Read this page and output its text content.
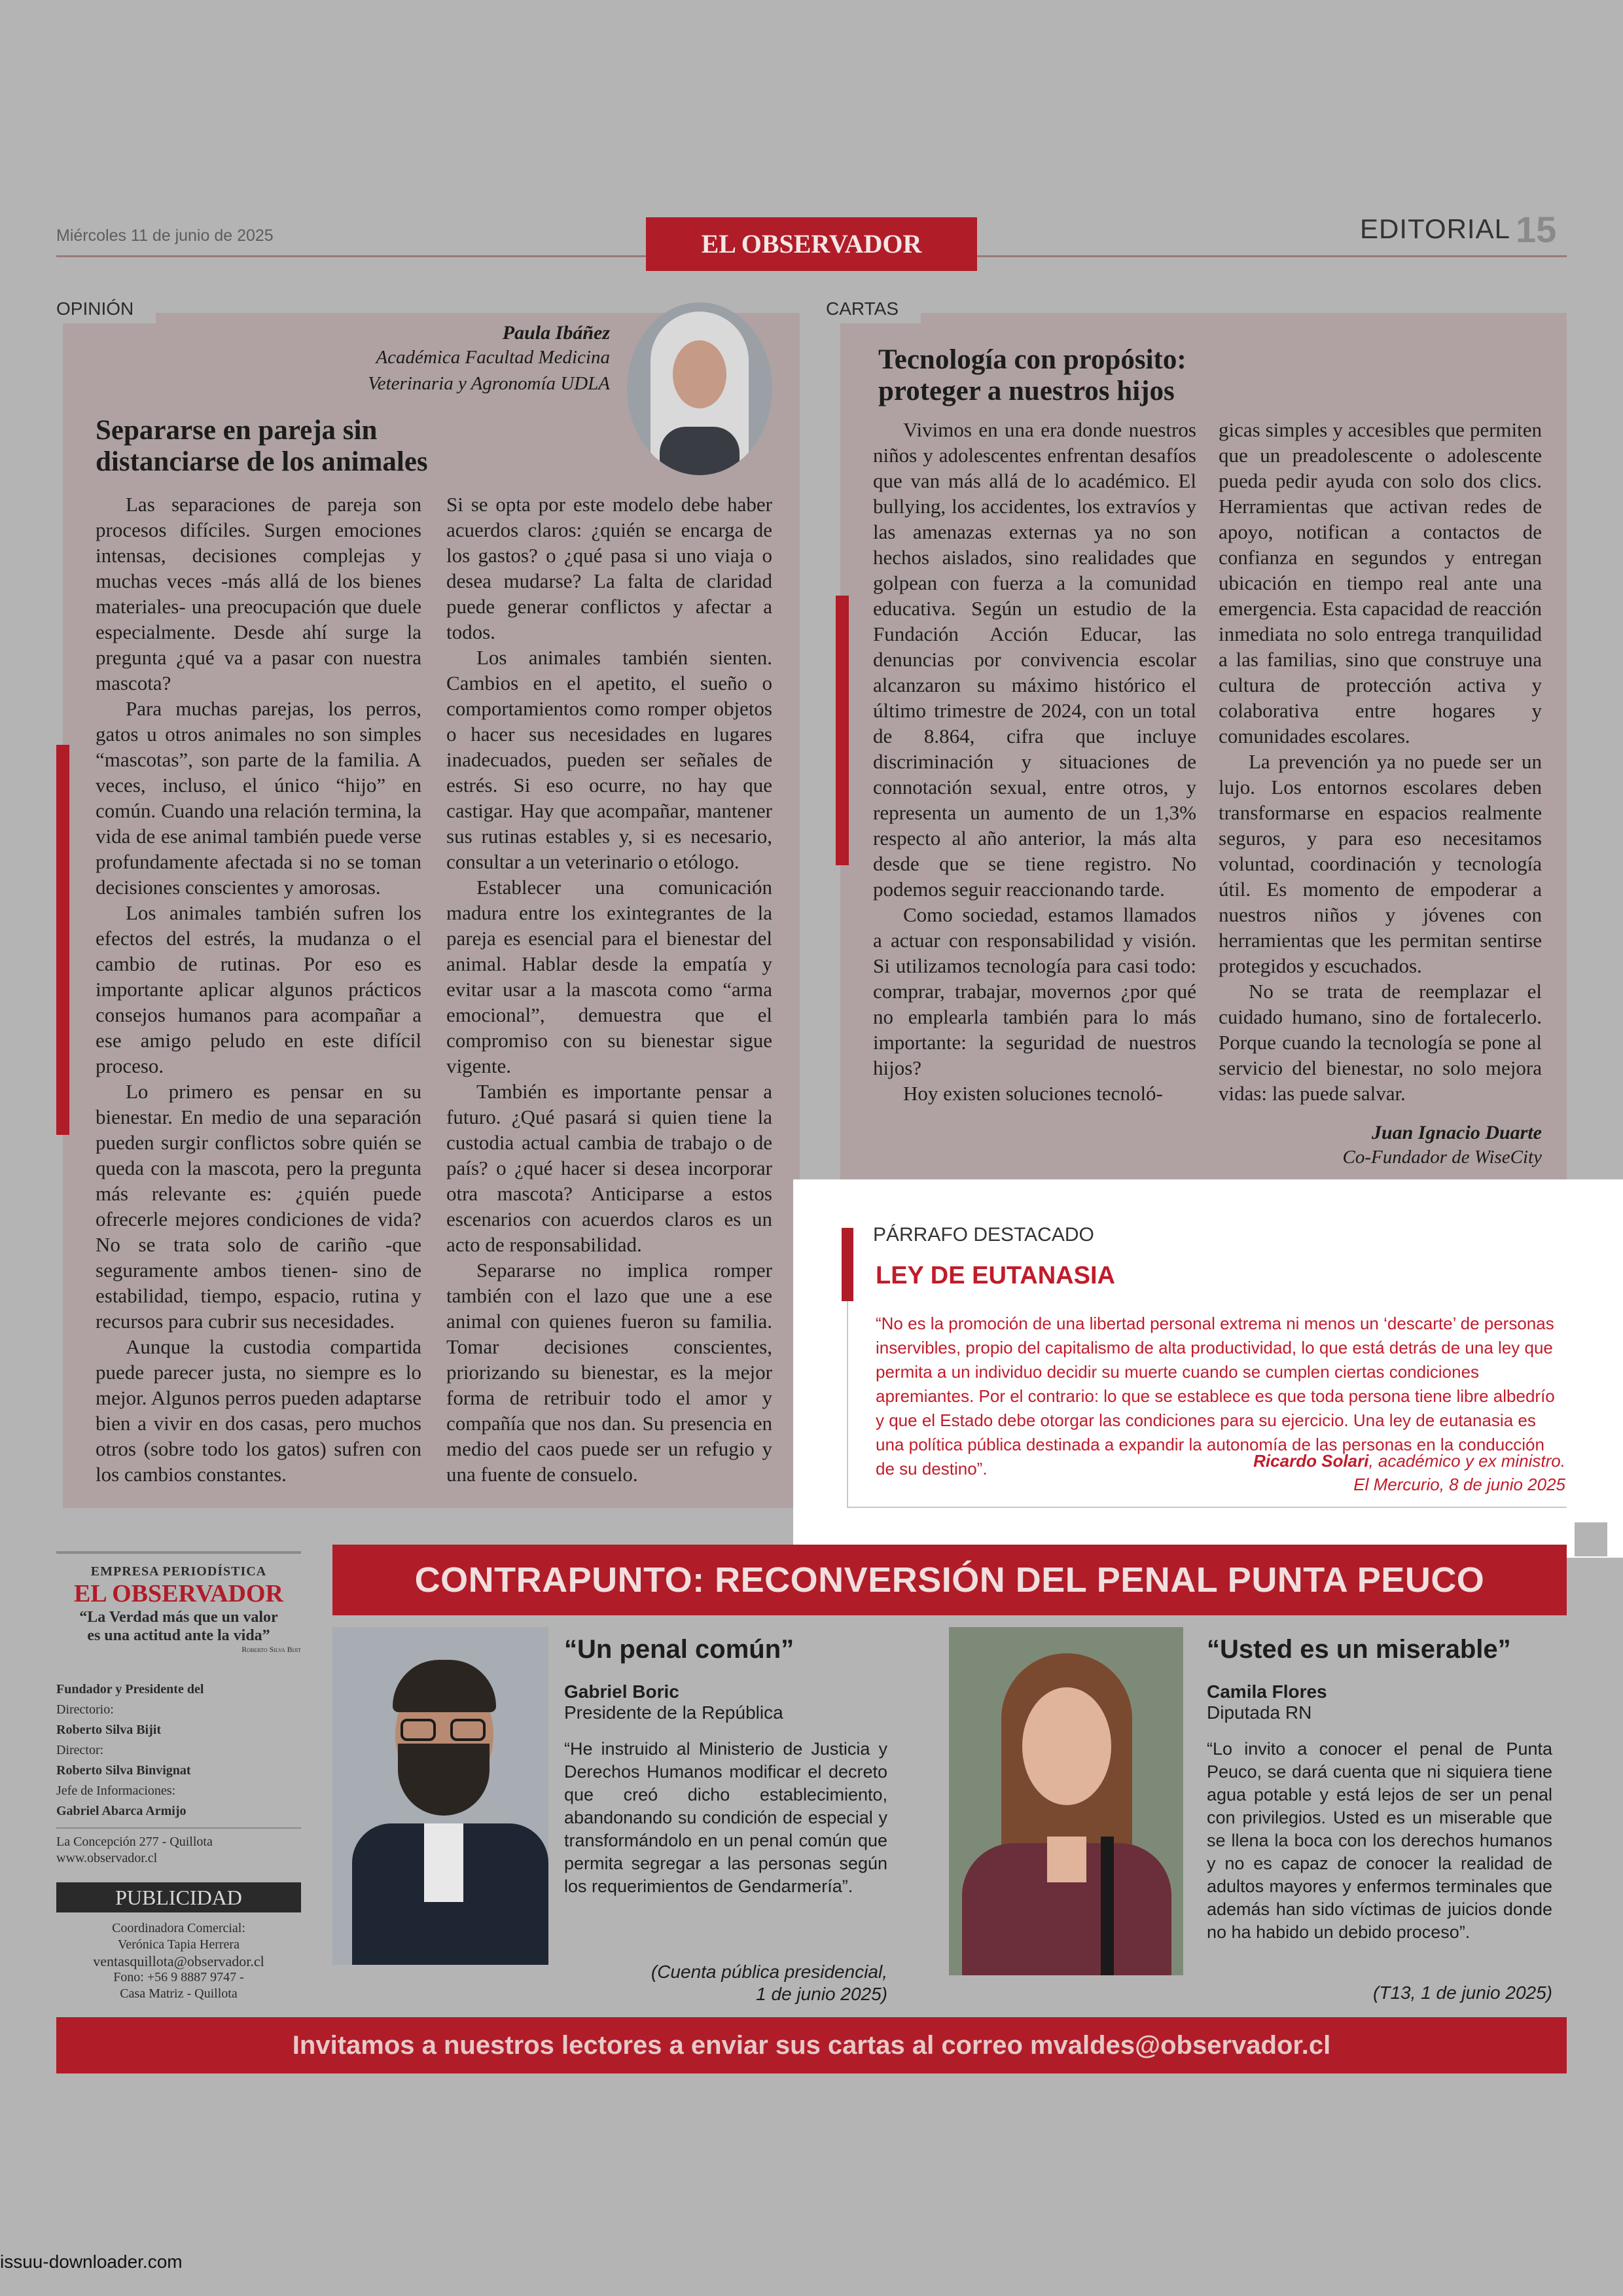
Miércoles 11 de junio de 2025	EL OBSERVADOR	EDITORIAL 15
OPINIÓN
Paula Ibáñez
Académica Facultad Medicina
Veterinaria y Agronomía UDLA
Separarse en pareja sin
distanciarse de los animales

Las separaciones de pareja son procesos difíciles. Surgen emociones intensas, decisiones complejas y muchas veces -más allá de los bienes materiales- una preocupación que duele especialmente. Desde ahí surge la pregunta ¿qué va a pasar con nuestra mascota?

Para muchas parejas, los perros, gatos u otros animales no son simples “mascotas”, son parte de la familia. A veces, incluso, el único “hijo” en común. Cuando una relación termina, la vida de ese animal también puede verse profundamente afectada si no se toman decisiones conscientes y amorosas.

Los animales también sufren los efectos del estrés, la mudanza o el cambio de rutinas. Por eso es importante aplicar algunos prácticos consejos humanos para acompañar a ese amigo peludo en este difícil proceso.

Lo primero es pensar en su bienestar. En medio de una separación pueden surgir conflictos sobre quién se queda con la mascota, pero la pregunta más relevante es: ¿quién puede ofrecerle mejores condiciones de vida? No se trata solo de cariño -que seguramente ambos tienen- sino de estabilidad, tiempo, espacio, rutina y recursos para cubrir sus necesidades.

Aunque la custodia compartida puede parecer justa, no siempre es lo mejor. Algunos perros pueden adaptarse bien a vivir en dos casas, pero muchos otros (sobre todo los gatos) sufren con los cambios constantes.

Si se opta por este modelo debe haber acuerdos claros: ¿quién se encarga de los gastos? o ¿qué pasa si uno viaja o desea mudarse? La falta de claridad puede generar conflictos y afectar a todos.

Los animales también sienten. Cambios en el apetito, el sueño o comportamientos como romper objetos o hacer sus necesidades en lugares inadecuados, pueden ser señales de estrés. Si eso ocurre, no hay que castigar. Hay que acompañar, mantener sus rutinas estables y, si es necesario, consultar a un veterinario o etólogo.

Establecer una comunicación madura entre los exintegrantes de la pareja es esencial para el bienestar del animal. Hablar desde la empatía y evitar usar a la mascota como “arma emocional”, demuestra que el compromiso con su bienestar sigue vigente.

También es importante pensar a futuro. ¿Qué pasará si quien tiene la custodia actual cambia de trabajo o de país? o ¿qué hacer si desea incorporar otra mascota? Anticiparse a estos escenarios con acuerdos claros es un acto de responsabilidad.

Separarse no implica romper también con el lazo que une a ese animal con quienes fueron su familia. Tomar decisiones conscientes, priorizando su bienestar, es la mejor forma de retribuir todo el amor y compañía que nos dan. Su presencia en medio del caos puede ser un refugio y una fuente de consuelo.

CARTAS
Tecnología con propósito:
proteger a nuestros hijos

Vivimos en una era donde nuestros niños y adolescentes enfrentan desafíos que van más allá de lo académico. El bullying, los accidentes, los extravíos y las amenazas externas ya no son hechos aislados, sino realidades que golpean con fuerza a la comunidad educativa. Según un estudio de la Fundación Acción Educar, las denuncias por convivencia escolar alcanzaron su máximo histórico el último trimestre de 2024, con un total de 8.864, cifra que incluye discriminación y situaciones de connotación sexual, entre otros, y representa un aumento de un 1,3% respecto al año anterior, la más alta desde que se tiene registro. No podemos seguir reaccionando tarde.

Como sociedad, estamos llamados a actuar con responsabilidad y visión. Si utilizamos tecnología para casi todo: comprar, trabajar, movernos ¿por qué no emplearla también para lo más importante: la seguridad de nuestros hijos?

Hoy existen soluciones tecnoló-

gicas simples y accesibles que permiten que un preadolescente o adolescente pueda pedir ayuda con solo dos clics. Herramientas que activan redes de apoyo, notifican a contactos de confianza en segundos y entregan ubicación en tiempo real ante una emergencia. Esta capacidad de reacción inmediata no solo entrega tranquilidad a las familias, sino que construye una cultura de protección activa y colaborativa entre hogares y comunidades escolares.

La prevención ya no puede ser un lujo. Los entornos escolares deben transformarse en espacios realmente seguros, y para eso necesitamos voluntad, coordinación y tecnología útil. Es momento de empoderar a nuestros niños y jóvenes con herramientas que les permitan sentirse protegidos y escuchados.

No se trata de reemplazar el cuidado humano, sino de fortalecerlo. Porque cuando la tecnología se pone al servicio del bienestar, no solo mejora vidas: las puede salvar.

Juan Ignacio Duarte
Co-Fundador de WiseCity
PÁRRAFO DESTACADO
LEY DE EUTANASIA
“No es la promoción de una libertad personal extrema ni menos un ‘descarte’ de personas inservibles, propio del capitalismo de alta productividad, lo que está detrás de una ley que permita a un individuo decidir su muerte cuando se cumplen ciertas condiciones apremiantes. Por el contrario: lo que se establece es que toda persona tiene libre albedrío y que el Estado debe otorgar las condiciones para su ejercicio. Una ley de eutanasia es una política pública destinada a expandir la autonomía de las personas en la conducción de su destino”.	Ricardo Solari, académico y ex ministro.
El Mercurio, 8 de junio 2025
EMPRESA PERIODÍSTICA
EL OBSERVADOR
“La Verdad más que un valor
es una actitud ante la vida”
Roberto Silva Bijit
Fundador y Presidente del
Directorio:
Roberto Silva Bijit
Director:
Roberto Silva Binvignat
Jefe de Informaciones:
Gabriel Abarca Armijo
La Concepción 277 - Quillota
www.observador.cl
PUBLICIDAD
Coordinadora Comercial:
Verónica Tapia Herrera
ventasquillota@observador.cl
Fono: +56 9 8887 9747 -
Casa Matriz - Quillota
CONTRAPUNTO: RECONVERSIÓN DEL PENAL PUNTA PEUCO
“Un penal común”
Gabriel Boric
Presidente de la República
“He instruido al Ministerio de Justicia y Derechos Humanos modificar el decreto que creó dicho establecimiento, abandonando su condición de especial y transformándolo en un penal común que permita segregar a las personas según los requerimientos de Gendarmería”.
(Cuenta pública presidencial,
1 de junio 2025)
“Usted es un miserable”
Camila Flores
Diputada RN
“Lo invito a conocer el penal de Punta Peuco, se dará cuenta que ni siquiera tiene agua potable y está lejos de ser un penal con privilegios. Usted es un miserable que se llena la boca con los derechos humanos y no es capaz de conocer la realidad de adultos mayores y enfermos terminales que además han sido víctimas de juicios donde no ha habido un debido proceso”.
(T13, 1 de junio 2025)
Invitamos a nuestros lectores a enviar sus cartas al correo mvaldes@observador.cl
issuu-downloader.com
